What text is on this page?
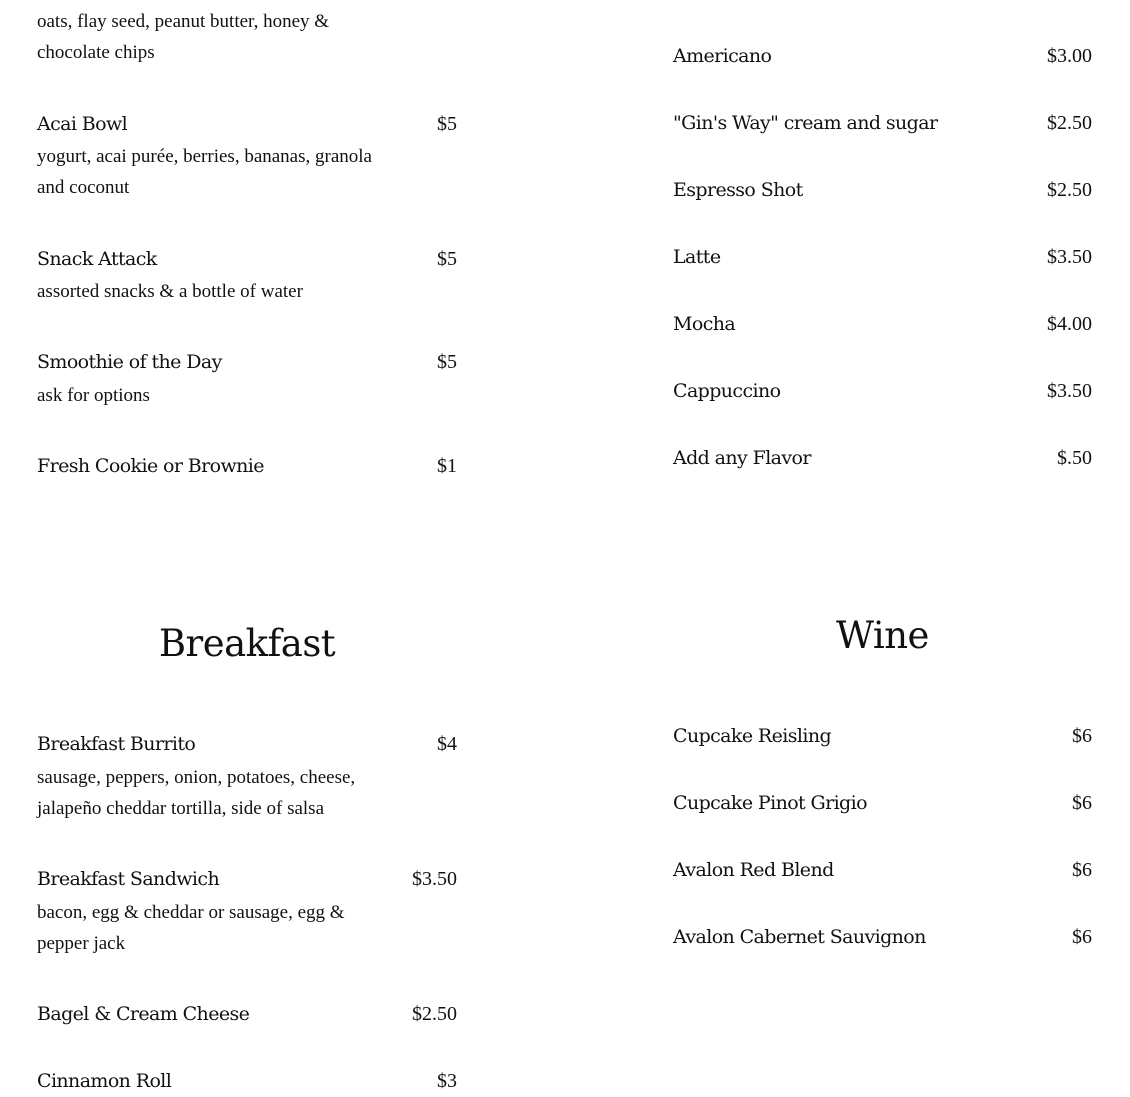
oats, flay seed, peanut butter, honey &
chocolate chips
Acai Bowl	$5
yogurt, acai purée, berries, bananas, granola
and coconut
Snack Attack	$5
assorted snacks & a bottle of water
Smoothie of the Day	$5
ask for options
Fresh Cookie or Brownie	$1
Breakfast
Breakfast Burrito	$4
sausage, peppers, onion, potatoes, cheese,
jalapeño cheddar tortilla, side of salsa
Breakfast Sandwich	$3.50
bacon, egg & cheddar or sausage, egg &
pepper jack
Bagel & Cream Cheese	$2.50
Cinnamon Roll	$3
Americano	$3.00
"Gin's Way" cream and sugar	$2.50
Espresso Shot	$2.50
Latte	$3.50
Mocha	$4.00
Cappuccino	$3.50
Add any Flavor	$.50
Wine
Cupcake Reisling	$6
Cupcake Pinot Grigio	$6
Avalon Red Blend	$6
Avalon Cabernet Sauvignon	$6
